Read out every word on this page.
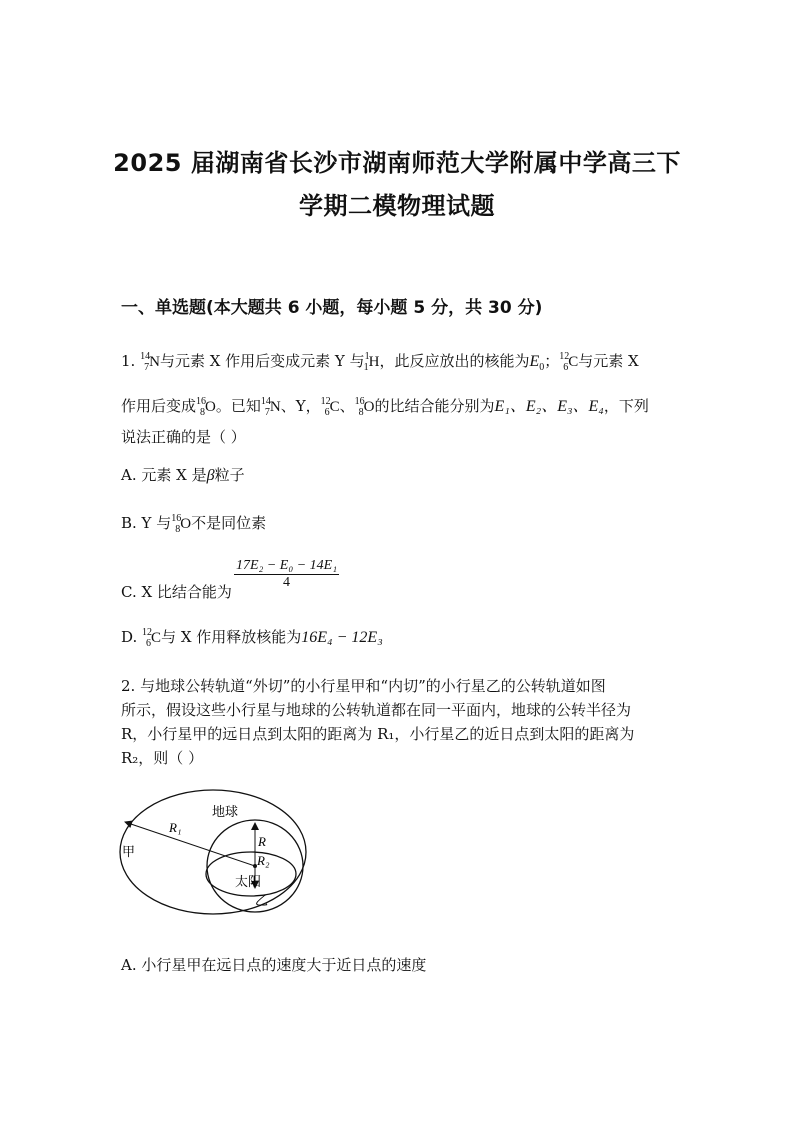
2025 届湖南省长沙市湖南师范大学附属中学高三下
学期二模物理试题
一、单选题(本大题共 6 小题，每小题 5 分，共 30 分)
1. $^{14}_7$N与元素 X 作用后变成元素 Y 与$^1_1$H，此反应放出的核能为$E_0$；$^{12}_6$C与元素 X
作用后变成$^{16}_8$O。已知$^{14}_7$N、Y，$^{12}_6$C、$^{16}_8$O的比结合能分别为E₁、E₂、E₃、E₄，下列
说法正确的是（ ）
A. 元素 X 是β粒子
B. Y 与$^{16}_8$O不是同位素
C. X 比结合能为
$\frac{\text{17E₂ − E₀ − 14E₁}}{4}$
D. $^{12}_6$C与 X 作用释放核能为16E₄ − 12E₃
2. 与地球公转轨道“外切”的小行星甲和“内切”的小行星乙的公转轨道如图
所示，假设这些小行星与地球的公转轨道都在同一平面内，地球的公转半径为
R，小行星甲的远日点到太阳的距离为 R₁，小行星乙的近日点到太阳的距离为
R₂，则（ ）
地球
R₁
R
R₂
甲
太阳
乙
A. 小行星甲在远日点的速度大于近日点的速度
